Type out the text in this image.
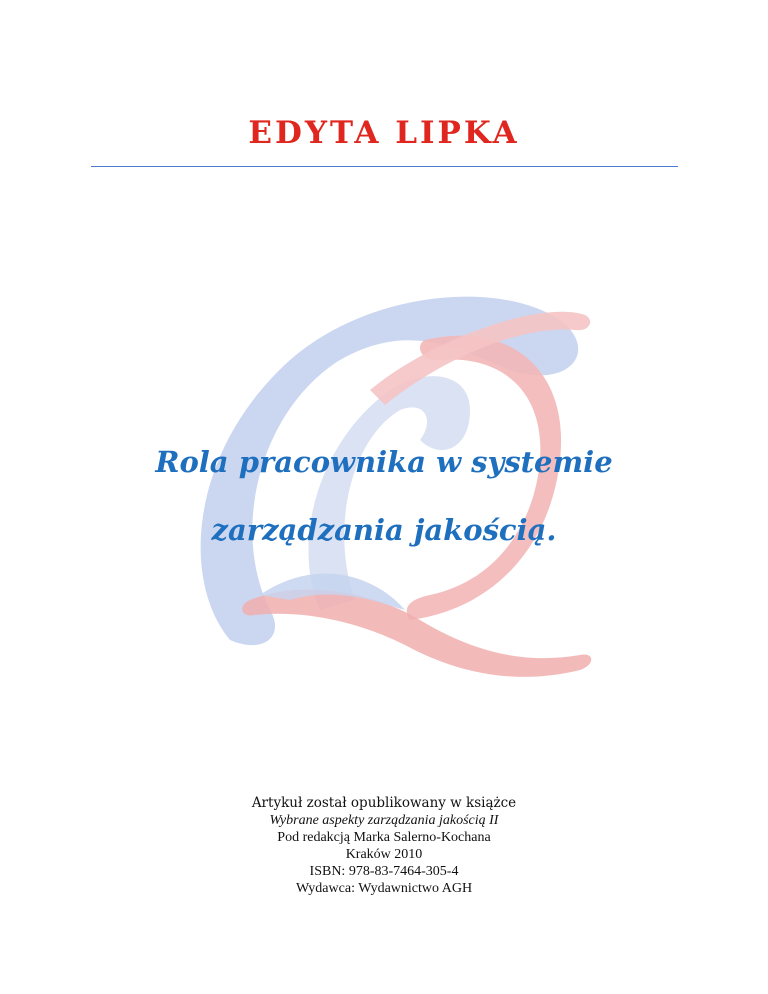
EDYTA LIPKA
Rola pracownika w systemie
zarządzania jakością.
Artykuł został opublikowany w książce
Wybrane aspekty zarządzania jakością II
Pod redakcją Marka Salerno-Kochana
Kraków 2010
ISBN: 978-83-7464-305-4
Wydawca: Wydawnictwo AGH
